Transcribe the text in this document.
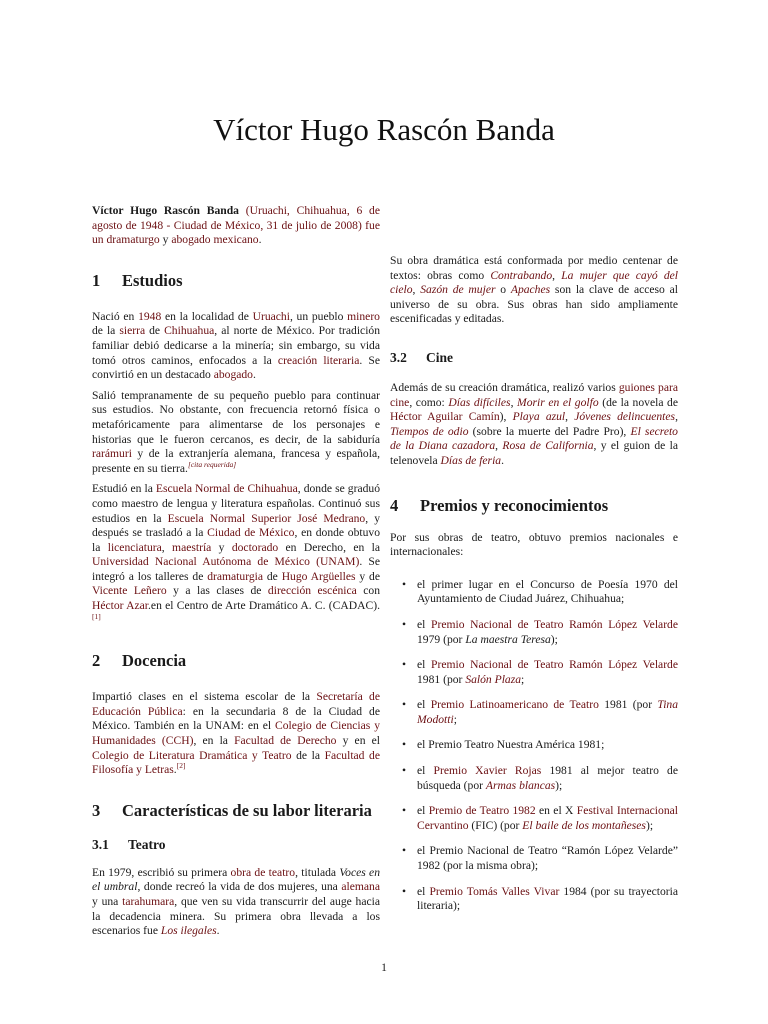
Víctor Hugo Rascón Banda

Víctor Hugo Rascón Banda (Uruachi, Chihuahua, 6 de agosto de 1948 - Ciudad de México, 31 de julio de 2008) fue un dramaturgo y abogado mexicano.

1	Estudios

Nació en 1948 en la localidad de Uruachi, un pueblo minero de la sierra de Chihuahua, al norte de México. Por tradición familiar debió dedicarse a la minería; sin embargo, su vida tomó otros caminos, enfocados a la creación literaria. Se convirtió en un destacado abogado.

Salió tempranamente de su pequeño pueblo para continuar sus estudios. No obstante, con frecuencia retornó física o metafóricamente para alimentarse de los personajes e historias que le fueron cercanos, es decir, de la sabiduría rarámuri y de la extranjería alemana, francesa y española, presente en su tierra.[cita requerida]

Estudió en la Escuela Normal de Chihuahua, donde se graduó como maestro de lengua y literatura españolas. Continuó sus estudios en la Escuela Normal Superior José Medrano, y después se trasladó a la Ciudad de México, en donde obtuvo la licenciatura, maestría y doctorado en Derecho, en la Universidad Nacional Autónoma de México (UNAM). Se integró a los talleres de dramaturgia de Hugo Argüelles y de Vicente Leñero y a las clases de dirección escénica con Héctor Azar.en el Centro de Arte Dramático A. C. (CADAC).[1]

2	Docencia

Impartió clases en el sistema escolar de la Secretaría de Educación Pública: en la secundaria 8 de la Ciudad de México. También en la UNAM: en el Colegio de Ciencias y Humanidades (CCH), en la Facultad de Derecho y en el Colegio de Literatura Dramática y Teatro de la Facultad de Filosofía y Letras.[2]

3	Características de su labor literaria
3.1	Teatro

En 1979, escribió su primera obra de teatro, titulada Voces en el umbral, donde recreó la vida de dos mujeres, una alemana y una tarahumara, que ven su vida transcurrir del auge hacia la decadencia minera. Su primera obra llevada a los escenarios fue Los ilegales.

1

Su obra dramática está conformada por medio centenar de textos: obras como Contrabando, La mujer que cayó del cielo, Sazón de mujer o Apaches son la clave de acceso al universo de su obra. Sus obras han sido ampliamente escenificadas y editadas.

3.2	Cine

Además de su creación dramática, realizó varios guiones para cine, como: Días difíciles, Morir en el golfo (de la novela de Héctor Aguilar Camín), Playa azul, Jóvenes delincuentes, Tiempos de odio (sobre la muerte del Padre Pro), El secreto de la Diana cazadora, Rosa de California, y el guion de la telenovela Días de feria.

4	Premios y reconocimientos

Por sus obras de teatro, obtuvo premios nacionales e internacionales:

• el primer lugar en el Concurso de Poesía 1970 del Ayuntamiento de Ciudad Juárez, Chihuahua;
• el Premio Nacional de Teatro Ramón López Velarde 1979 (por La maestra Teresa);
• el Premio Nacional de Teatro Ramón López Velarde 1981 (por Salón Plaza;
• el Premio Latinoamericano de Teatro 1981 (por Tina Modotti;
• el Premio Teatro Nuestra América 1981;
• el Premio Xavier Rojas 1981 al mejor teatro de búsqueda (por Armas blancas);
• el Premio de Teatro 1982 en el X Festival Internacional Cervantino (FIC) (por El baile de los montañeses);
• el Premio Nacional de Teatro “Ramón López Velarde” 1982 (por la misma obra);
• el Premio Tomás Valles Vivar 1984 (por su trayectoria literaria);
